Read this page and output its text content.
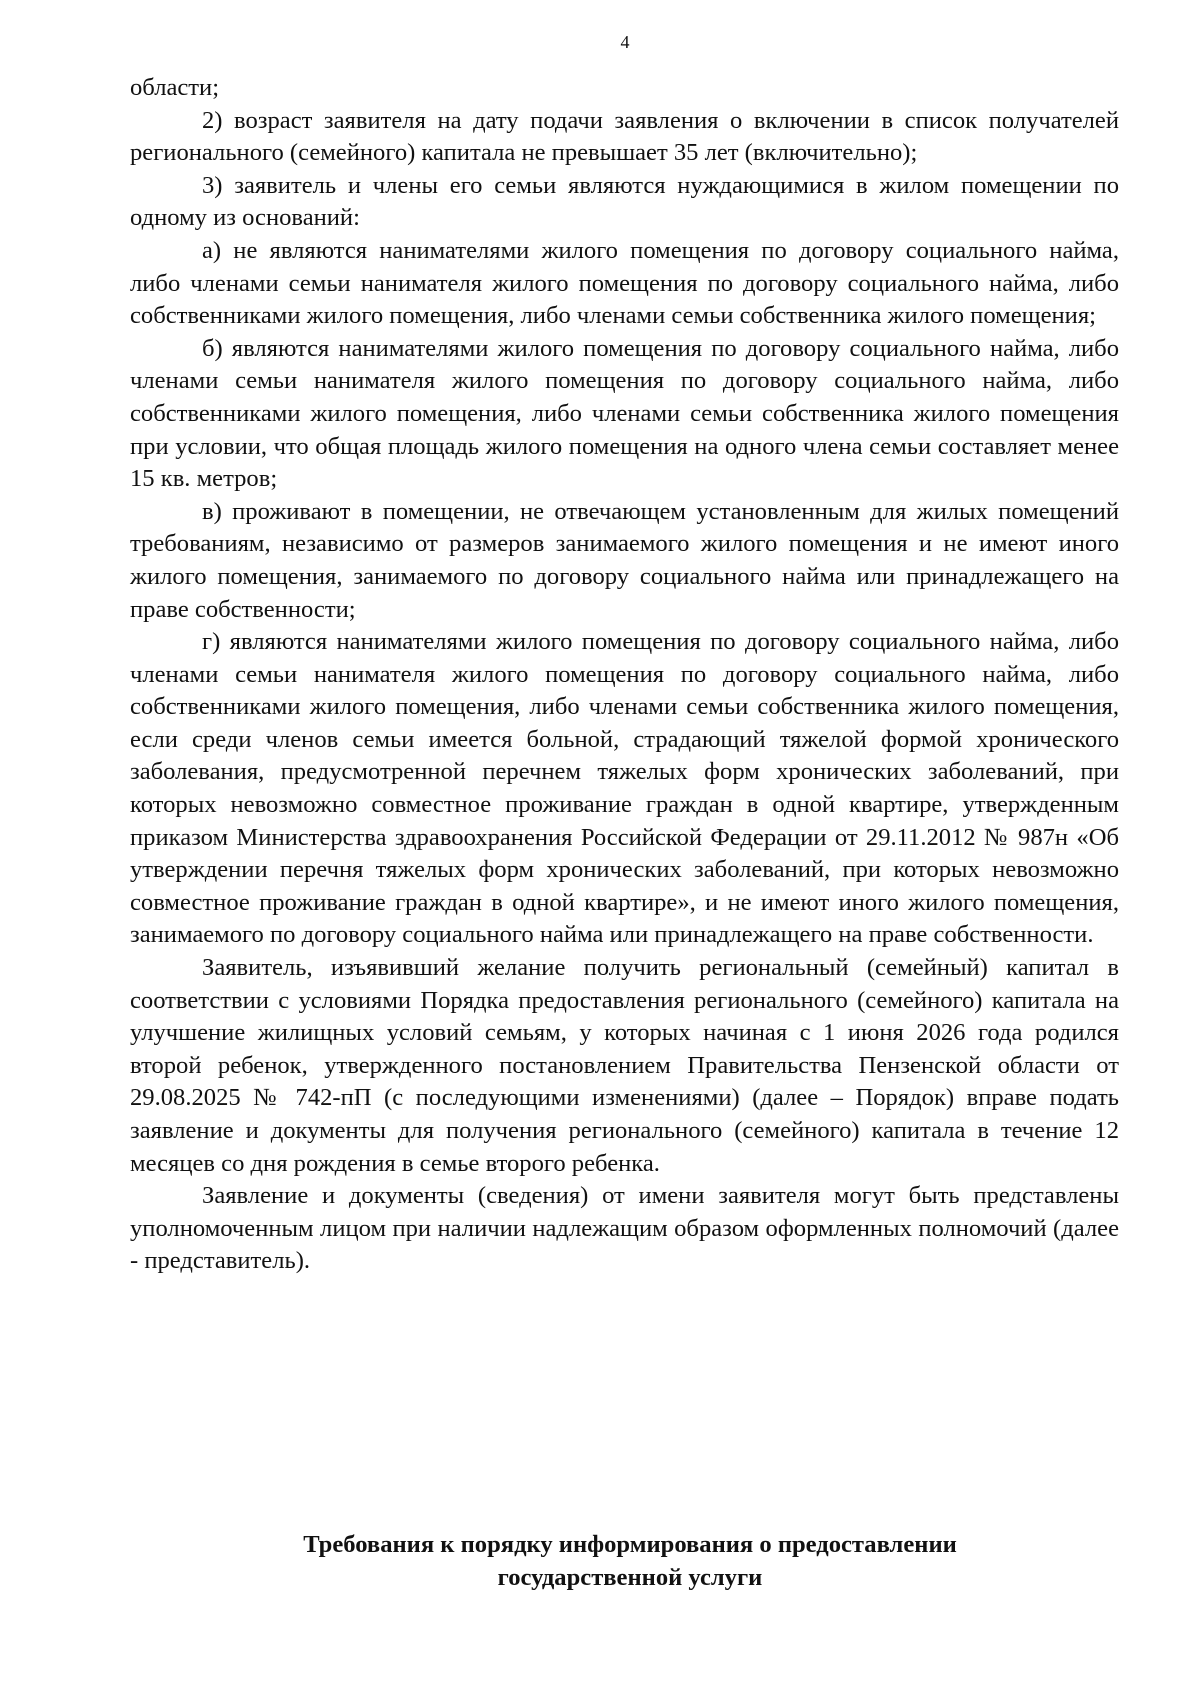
4

области;

2) возраст заявителя на дату подачи заявления о включении в список получателей регионального (семейного) капитала не превышает 35 лет (включительно);

3) заявитель и члены его семьи являются нуждающимися в жилом помещении по одному из оснований:

а) не являются нанимателями жилого помещения по договору социального найма, либо членами семьи нанимателя жилого помещения по договору социального найма, либо собственниками жилого помещения, либо членами семьи собственника жилого помещения;

б) являются нанимателями жилого помещения по договору социального найма, либо членами семьи нанимателя жилого помещения по договору социального найма, либо собственниками жилого помещения, либо членами семьи собственника жилого помещения при условии, что общая площадь жилого помещения на одного члена семьи составляет менее 15 кв. метров;

в) проживают в помещении, не отвечающем установленным для жилых помещений требованиям, независимо от размеров занимаемого жилого помещения и не имеют иного жилого помещения, занимаемого по договору социального найма или принадлежащего на праве собственности;

г) являются нанимателями жилого помещения по договору социального найма, либо членами семьи нанимателя жилого помещения по договору социального найма, либо собственниками жилого помещения, либо членами семьи собственника жилого помещения, если среди членов семьи имеется больной, страдающий тяжелой формой хронического заболевания, предусмотренной перечнем тяжелых форм хронических заболеваний, при которых невозможно совместное проживание граждан в одной квартире, утвержденным приказом Министерства здравоохранения Российской Федерации от 29.11.2012 № 987н «Об утверждении перечня тяжелых форм хронических заболеваний, при которых невозможно совместное проживание граждан в одной квартире», и не имеют иного жилого помещения, занимаемого по договору социального найма или принадлежащего на праве собственности.

Заявитель, изъявивший желание получить региональный (семейный) капитал в соответствии с условиями Порядка предоставления регионального (семейного) капитала на улучшение жилищных условий семьям, у которых начиная с 1 июня 2026 года родился второй ребенок, утвержденного постановлением Правительства Пензенской области от 29.08.2025 № 742-пП (с последующими изменениями) (далее – Порядок) вправе подать заявление и документы для получения регионального (семейного) капитала в течение 12 месяцев со дня рождения в семье второго ребенка.

Заявление и документы (сведения) от имени заявителя могут быть представлены уполномоченным лицом при наличии надлежащим образом оформленных полномочий (далее - представитель).

Требования к порядку информирования о предоставлении
государственной услуги
